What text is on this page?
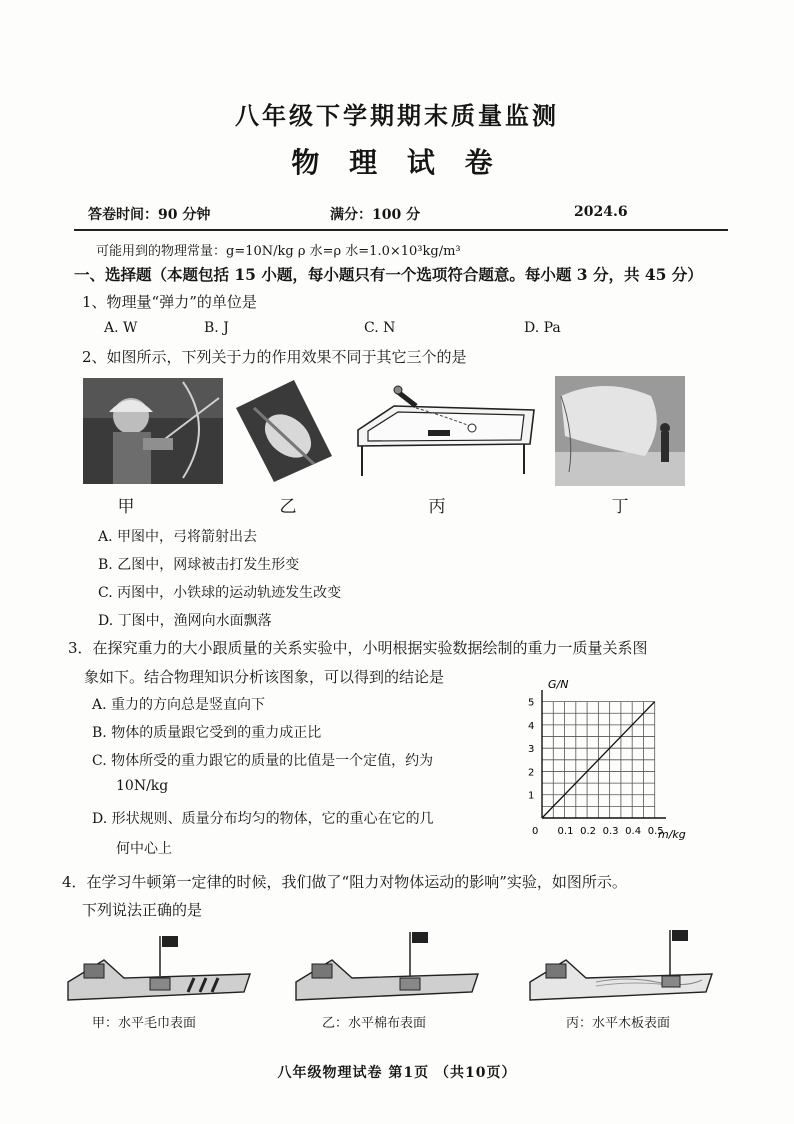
八年级下学期期末质量监测
物 理 试 卷
答卷时间：90 分钟	满分：100 分	2024.6
可能用到的物理常量：g=10N/kg ρ 水=ρ 水=1.0×10³kg/m³
一、选择题（本题包括 15 小题，每小题只有一个选项符合题意。每小题 3 分，共 45 分）
1、物理量“弹力”的单位是
A. W	B. J	C. N	D. Pa
2、如图所示，下列关于力的作用效果不同于其它三个的是
甲	乙	丙	丁
A. 甲图中，弓将箭射出去
B. 乙图中，网球被击打发生形变
C. 丙图中，小铁球的运动轨迹发生改变
D. 丁图中，渔网向水面飘落
3．在探究重力的大小跟质量的关系实验中，小明根据实验数据绘制的重力一质量关系图
象如下。结合物理知识分析该图象，可以得到的结论是
A. 重力的方向总是竖直向下
B. 物体的质量跟它受到的重力成正比
C. 物体所受的重力跟它的质量的比值是一个定值，约为
10N/kg
D. 形状规则、质量分布均匀的物体，它的重心在它的几
何中心上
0 0.1 0.2 0.3 0.4 0.5
1
2
3
4
5
G/N
m/kg
4．在学习牛顿第一定律的时候，我们做了“阻力对物体运动的影响”实验，如图所示。
下列说法正确的是
甲：水平毛巾表面	乙：水平棉布表面	丙：水平木板表面
八年级物理试卷 第1页 （共10页）
